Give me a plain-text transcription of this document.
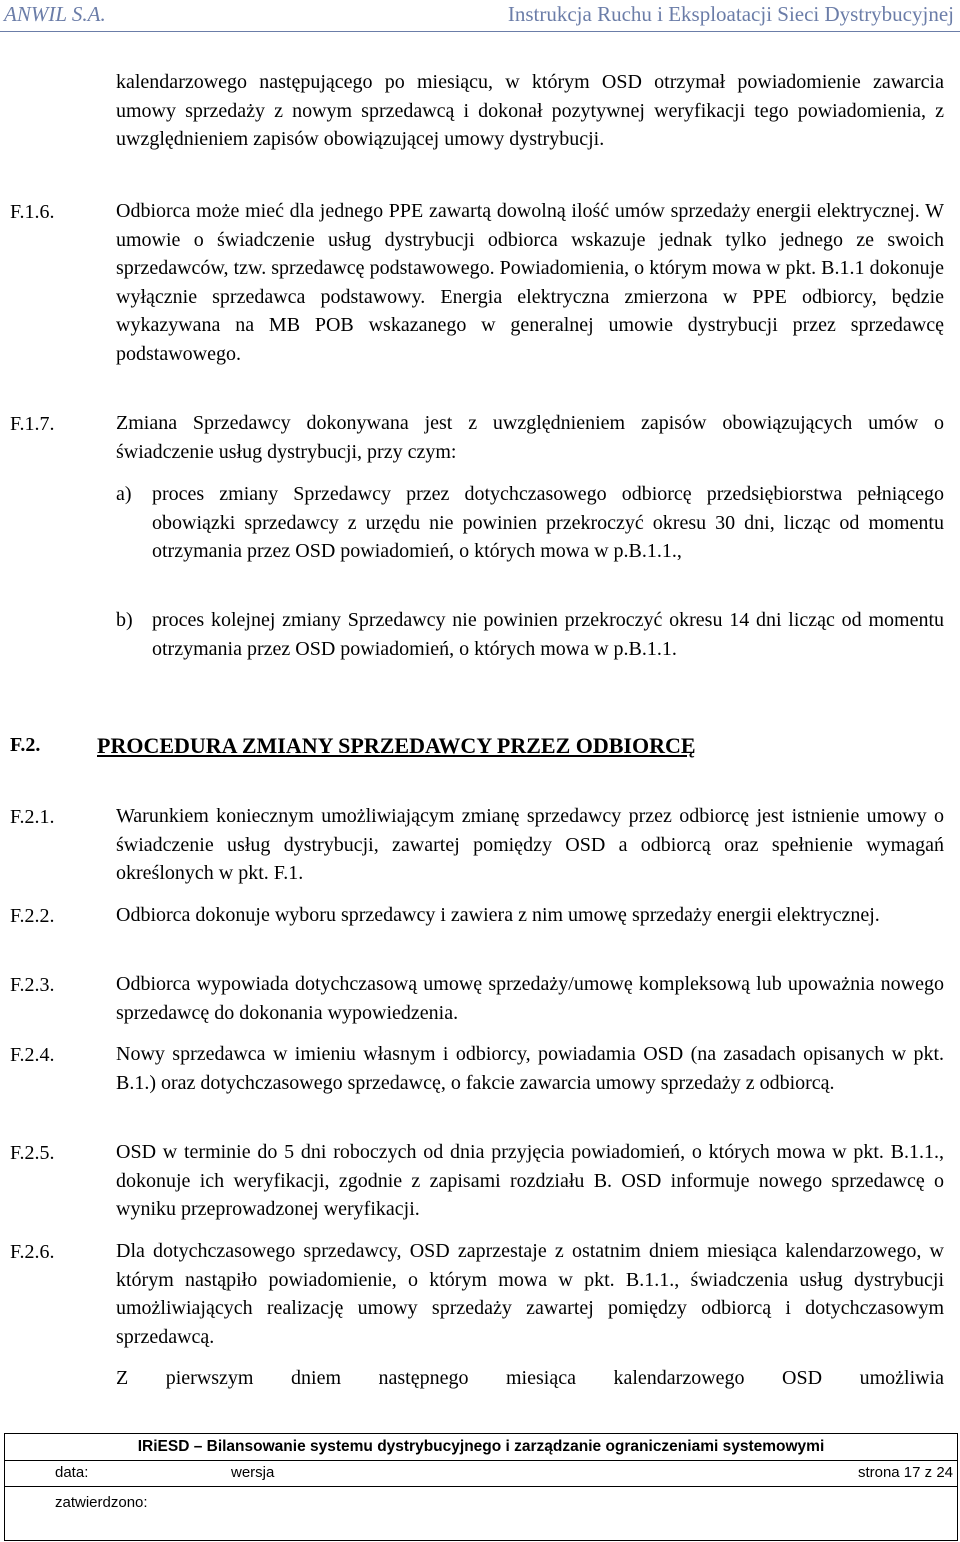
ANWIL S.A.	Instrukcja Ruchu i Eksploatacji Sieci Dystrybucyjnej
kalendarzowego następującego po miesiącu, w którym OSD otrzymał powiadomienie zawarcia umowy sprzedaży z nowym sprzedawcą i dokonał pozytywnej weryfikacji tego powiadomienia, z uwzględnieniem zapisów obowiązującej umowy dystrybucji.
F.1.6.	Odbiorca może mieć dla jednego PPE zawartą dowolną ilość umów sprzedaży energii elektrycznej. W umowie o świadczenie usług dystrybucji odbiorca wskazuje jednak tylko jednego ze swoich sprzedawców, tzw. sprzedawcę podstawowego. Powiadomienia, o którym mowa w pkt. B.1.1 dokonuje wyłącznie sprzedawca podstawowy. Energia elektryczna zmierzona w PPE odbiorcy, będzie wykazywana na MB POB wskazanego w generalnej umowie dystrybucji przez sprzedawcę podstawowego.
F.1.7.	Zmiana Sprzedawcy dokonywana jest z uwzględnieniem zapisów obowiązujących umów o świadczenie usług dystrybucji, przy czym:
a) proces zmiany Sprzedawcy przez dotychczasowego odbiorcę przedsiębiorstwa pełniącego obowiązki sprzedawcy z urzędu nie powinien przekroczyć okresu 30 dni, licząc od momentu otrzymania przez OSD powiadomień, o których mowa w p.B.1.1.,
b) proces kolejnej zmiany Sprzedawcy nie powinien przekroczyć okresu 14 dni licząc od momentu otrzymania przez OSD powiadomień, o których mowa w p.B.1.1.
F.2.	PROCEDURA ZMIANY SPRZEDAWCY PRZEZ ODBIORCĘ
F.2.1.	Warunkiem koniecznym umożliwiającym zmianę sprzedawcy przez odbiorcę jest istnienie umowy o świadczenie usług dystrybucji, zawartej pomiędzy OSD a odbiorcą oraz spełnienie wymagań określonych w pkt. F.1.
F.2.2.	Odbiorca dokonuje wyboru sprzedawcy i zawiera z nim umowę sprzedaży energii elektrycznej.
F.2.3.	Odbiorca wypowiada dotychczasową umowę sprzedaży/umowę kompleksową lub upoważnia nowego sprzedawcę do dokonania wypowiedzenia.
F.2.4.	Nowy sprzedawca w imieniu własnym i odbiorcy, powiadamia OSD (na zasadach opisanych w pkt. B.1.) oraz dotychczasowego sprzedawcę, o fakcie zawarcia umowy sprzedaży z odbiorcą.
F.2.5.	OSD w terminie do 5 dni roboczych od dnia przyjęcia powiadomień, o których mowa w pkt. B.1.1., dokonuje ich weryfikacji, zgodnie z zapisami rozdziału B. OSD informuje nowego sprzedawcę o wyniku przeprowadzonej weryfikacji.
F.2.6.	Dla dotychczasowego sprzedawcy, OSD zaprzestaje z ostatnim dniem miesiąca kalendarzowego, w którym nastąpiło powiadomienie, o którym mowa w pkt. B.1.1., świadczenia usług dystrybucji umożliwiających realizację umowy sprzedaży zawartej pomiędzy odbiorcą i dotychczasowym sprzedawcą.
Z pierwszym dniem następnego miesiąca kalendarzowego OSD umożliwia
IRiESD – Bilansowanie systemu dystrybucyjnego i zarządzanie ograniczeniami systemowymi
data:	wersja	strona 17 z 24
zatwierdzono:
